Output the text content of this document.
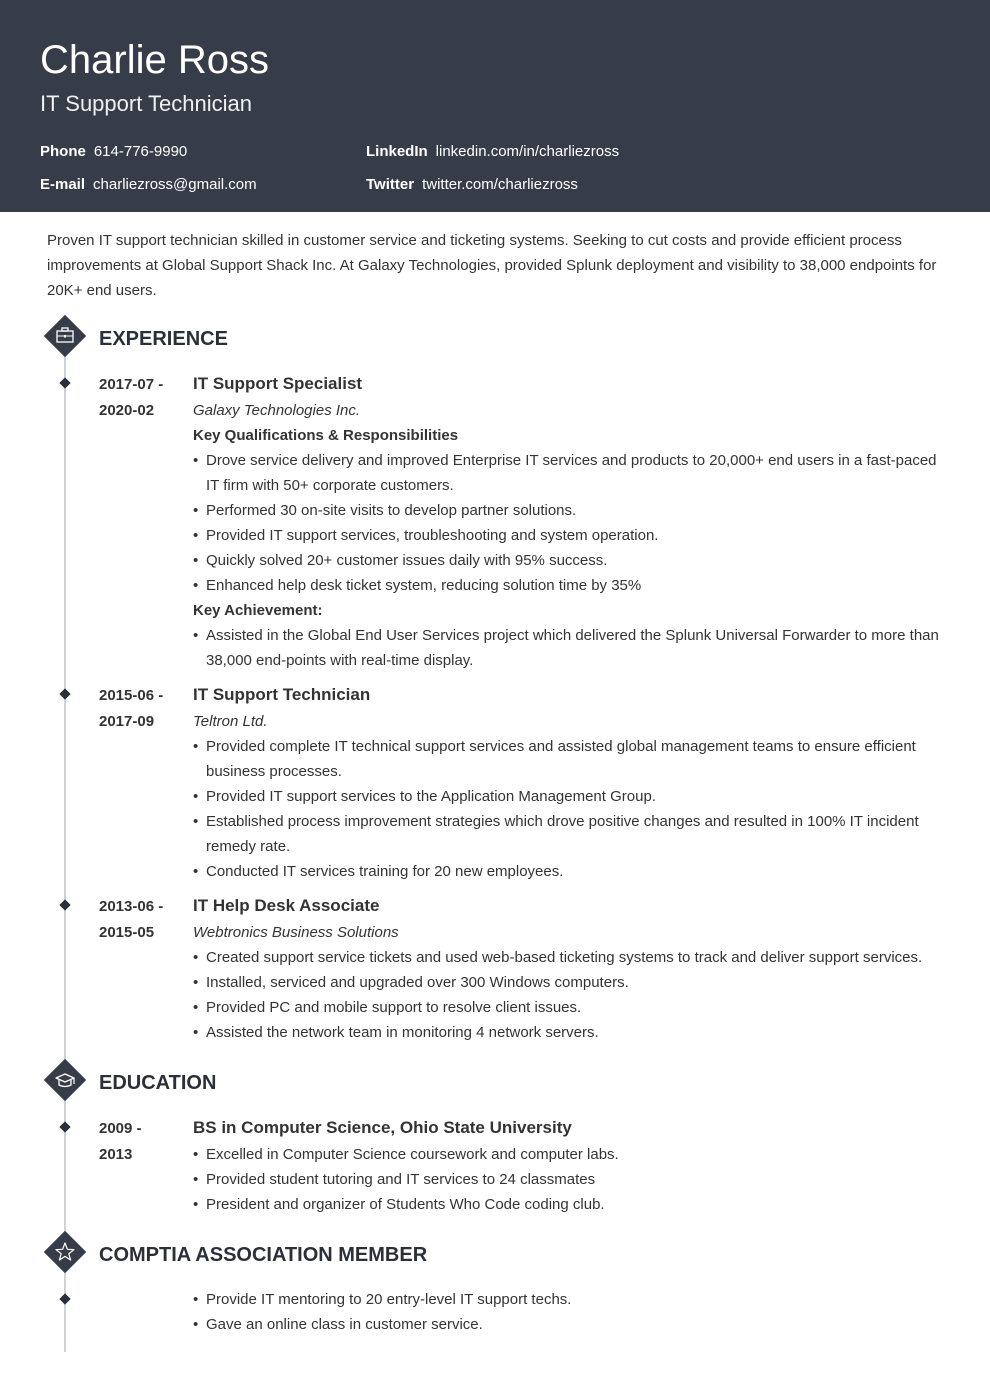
Charlie Ross
IT Support Technician
Phone 614-776-9990	LinkedIn linkedin.com/in/charliezross
E-mail charliezross@gmail.com	Twitter twitter.com/charliezross
Proven IT support technician skilled in customer service and ticketing systems. Seeking to cut costs and provide efficient process improvements at Global Support Shack Inc. At Galaxy Technologies, provided Splunk deployment and visibility to 38,000 endpoints for 20K+ end users.
EXPERIENCE
2017-07 -
2020-02
IT Support Specialist
Galaxy Technologies Inc.
Key Qualifications & Responsibilities
• Drove service delivery and improved Enterprise IT services and products to 20,000+ end users in a fast-paced IT firm with 50+ corporate customers.
• Performed 30 on-site visits to develop partner solutions.
• Provided IT support services, troubleshooting and system operation.
• Quickly solved 20+ customer issues daily with 95% success.
• Enhanced help desk ticket system, reducing solution time by 35%
Key Achievement:
• Assisted in the Global End User Services project which delivered the Splunk Universal Forwarder to more than 38,000 end-points with real-time display.
2015-06 -
2017-09
IT Support Technician
Teltron Ltd.
• Provided complete IT technical support services and assisted global management teams to ensure efficient business processes.
• Provided IT support services to the Application Management Group.
• Established process improvement strategies which drove positive changes and resulted in 100% IT incident remedy rate.
• Conducted IT services training for 20 new employees.
2013-06 -
2015-05
IT Help Desk Associate
Webtronics Business Solutions
• Created support service tickets and used web-based ticketing systems to track and deliver support services.
• Installed, serviced and upgraded over 300 Windows computers.
• Provided PC and mobile support to resolve client issues.
• Assisted the network team in monitoring 4 network servers.
EDUCATION
2009 -
2013
BS in Computer Science, Ohio State University
• Excelled in Computer Science coursework and computer labs.
• Provided student tutoring and IT services to 24 classmates
• President and organizer of Students Who Code coding club.
COMPTIA ASSOCIATION MEMBER
• Provide IT mentoring to 20 entry-level IT support techs.
• Gave an online class in customer service.
